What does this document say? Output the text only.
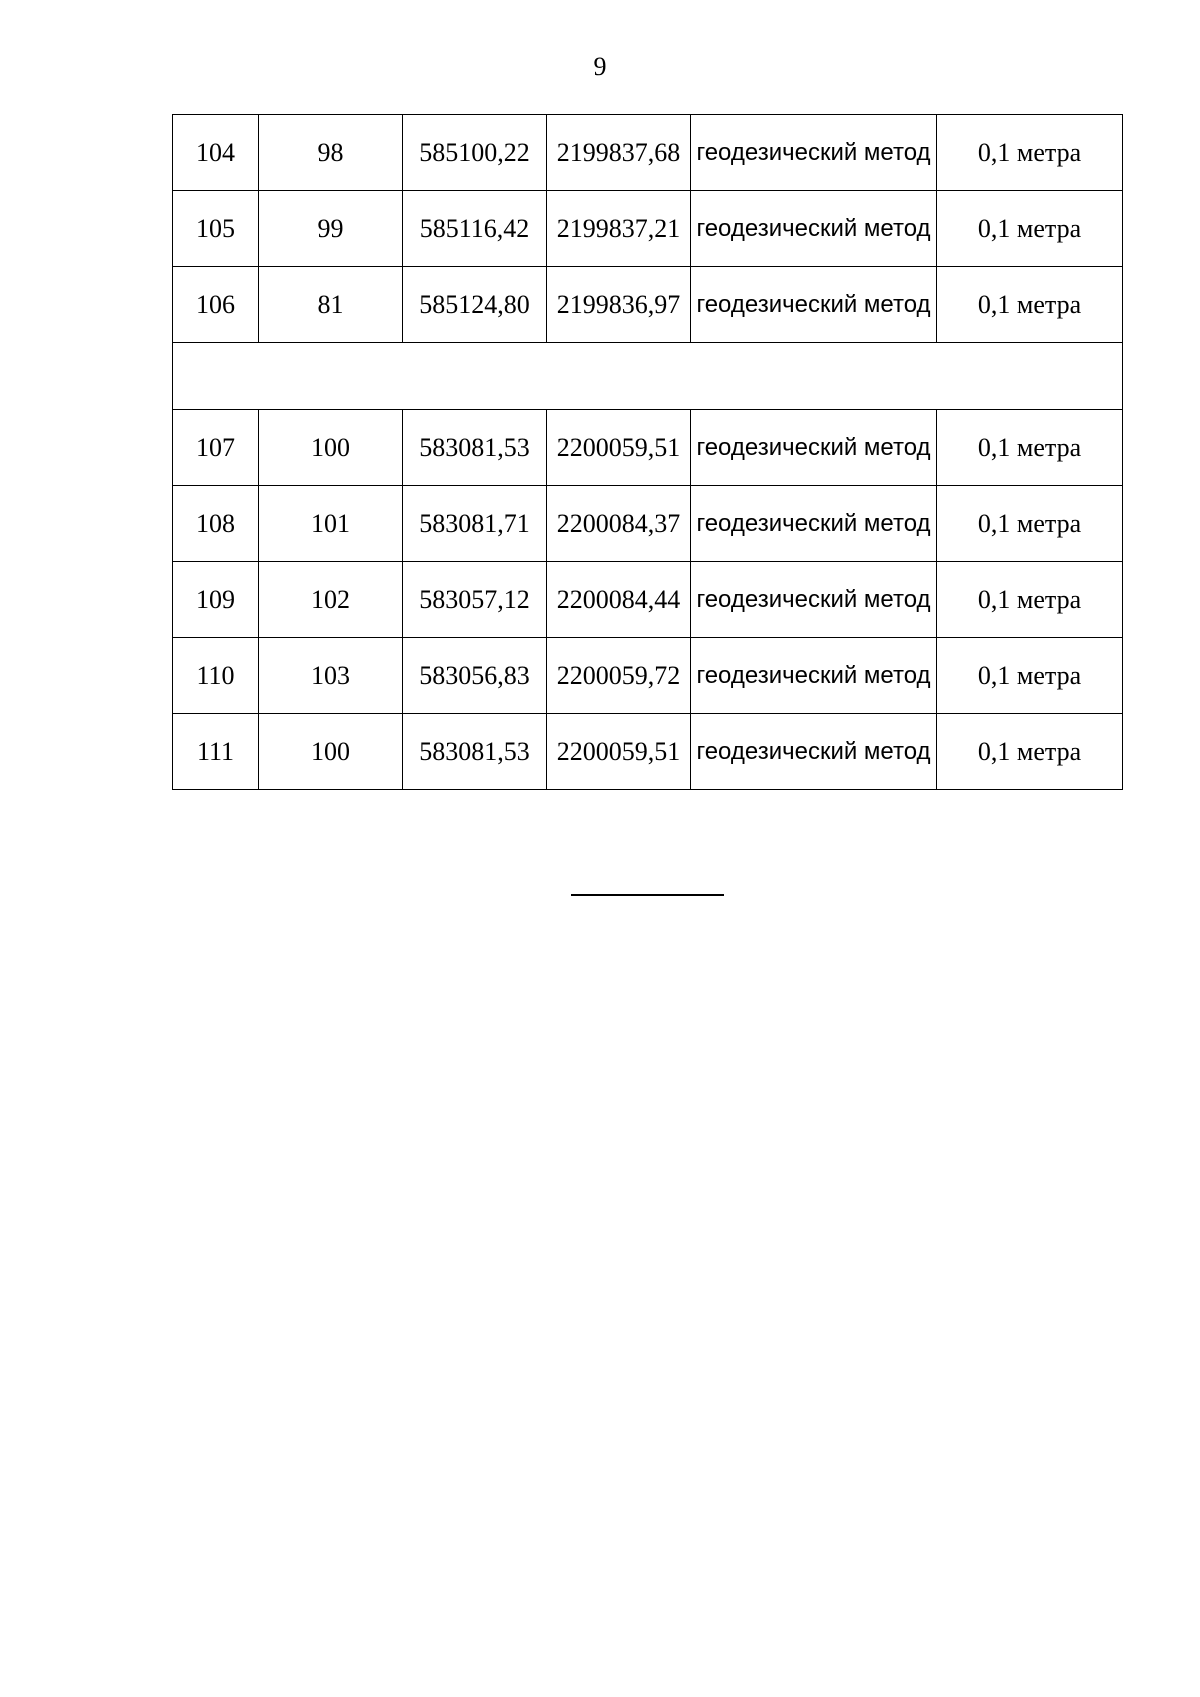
9
104	98	585100,22	2199837,68	геодезический метод	0,1 метра
105	99	585116,42	2199837,21	геодезический метод	0,1 метра
106	81	585124,80	2199836,97	геодезический метод	0,1 метра

107	100	583081,53	2200059,51	геодезический метод	0,1 метра
108	101	583081,71	2200084,37	геодезический метод	0,1 метра
109	102	583057,12	2200084,44	геодезический метод	0,1 метра
110	103	583056,83	2200059,72	геодезический метод	0,1 метра
111	100	583081,53	2200059,51	геодезический метод	0,1 метра
